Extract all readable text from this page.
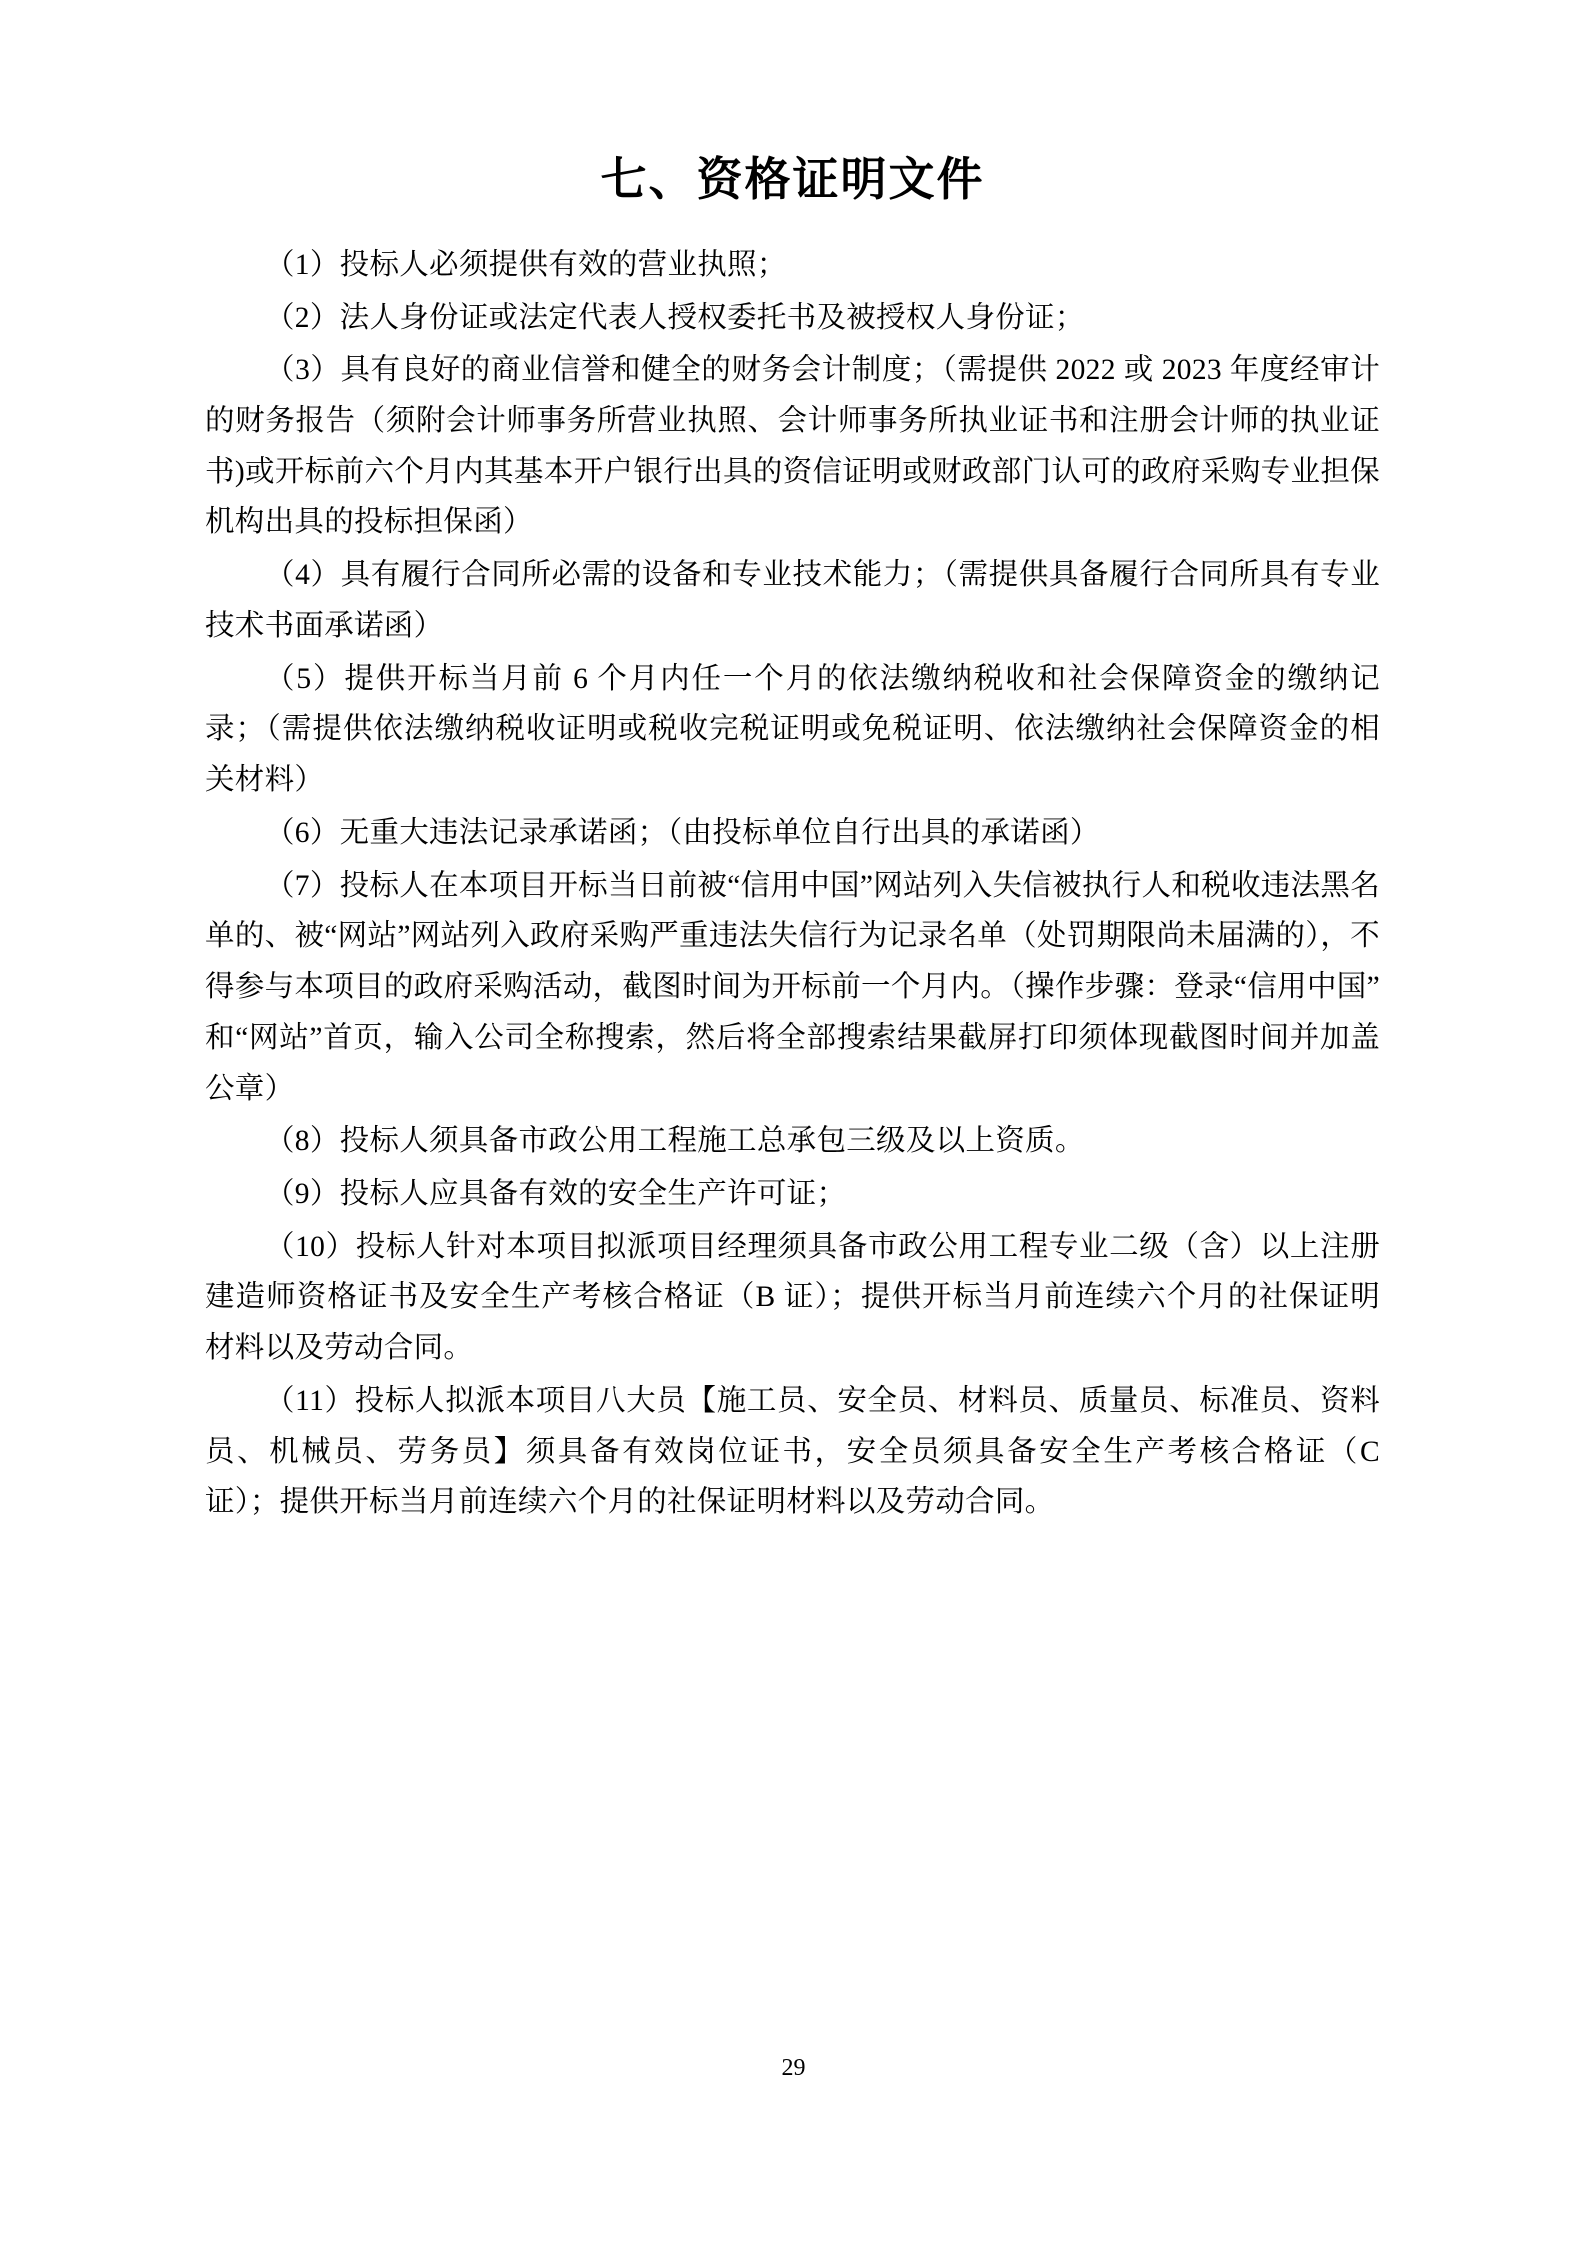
七、资格证明文件

（1）投标人必须提供有效的营业执照；

（2）法人身份证或法定代表人授权委托书及被授权人身份证；

（3）具有良好的商业信誉和健全的财务会计制度；（需提供 2022 或 2023 年度经审计的财务报告（须附会计师事务所营业执照、会计师事务所执业证书和注册会计师的执业证书)或开标前六个月内其基本开户银行出具的资信证明或财政部门认可的政府采购专业担保机构出具的投标担保函）

（4）具有履行合同所必需的设备和专业技术能力；（需提供具备履行合同所具有专业技术书面承诺函）

（5）提供开标当月前 6 个月内任一个月的依法缴纳税收和社会保障资金的缴纳记录；（需提供依法缴纳税收证明或税收完税证明或免税证明、依法缴纳社会保障资金的相关材料）

（6）无重大违法记录承诺函；（由投标单位自行出具的承诺函）

（7）投标人在本项目开标当日前被“信用中国”网站列入失信被执行人和税收违法黑名单的、被“网站”网站列入政府采购严重违法失信行为记录名单（处罚期限尚未届满的），不得参与本项目的政府采购活动，截图时间为开标前一个月内。（操作步骤：登录“信用中国”和“网站”首页，输入公司全称搜索，然后将全部搜索结果截屏打印须体现截图时间并加盖公章）

（8）投标人须具备市政公用工程施工总承包三级及以上资质。

（9）投标人应具备有效的安全生产许可证；

（10）投标人针对本项目拟派项目经理须具备市政公用工程专业二级（含）以上注册建造师资格证书及安全生产考核合格证（B 证）；提供开标当月前连续六个月的社保证明材料以及劳动合同。

（11）投标人拟派本项目八大员【施工员、安全员、材料员、质量员、标准员、资料员、机械员、劳务员】须具备有效岗位证书，安全员须具备安全生产考核合格证（C 证）；提供开标当月前连续六个月的社保证明材料以及劳动合同。

29
